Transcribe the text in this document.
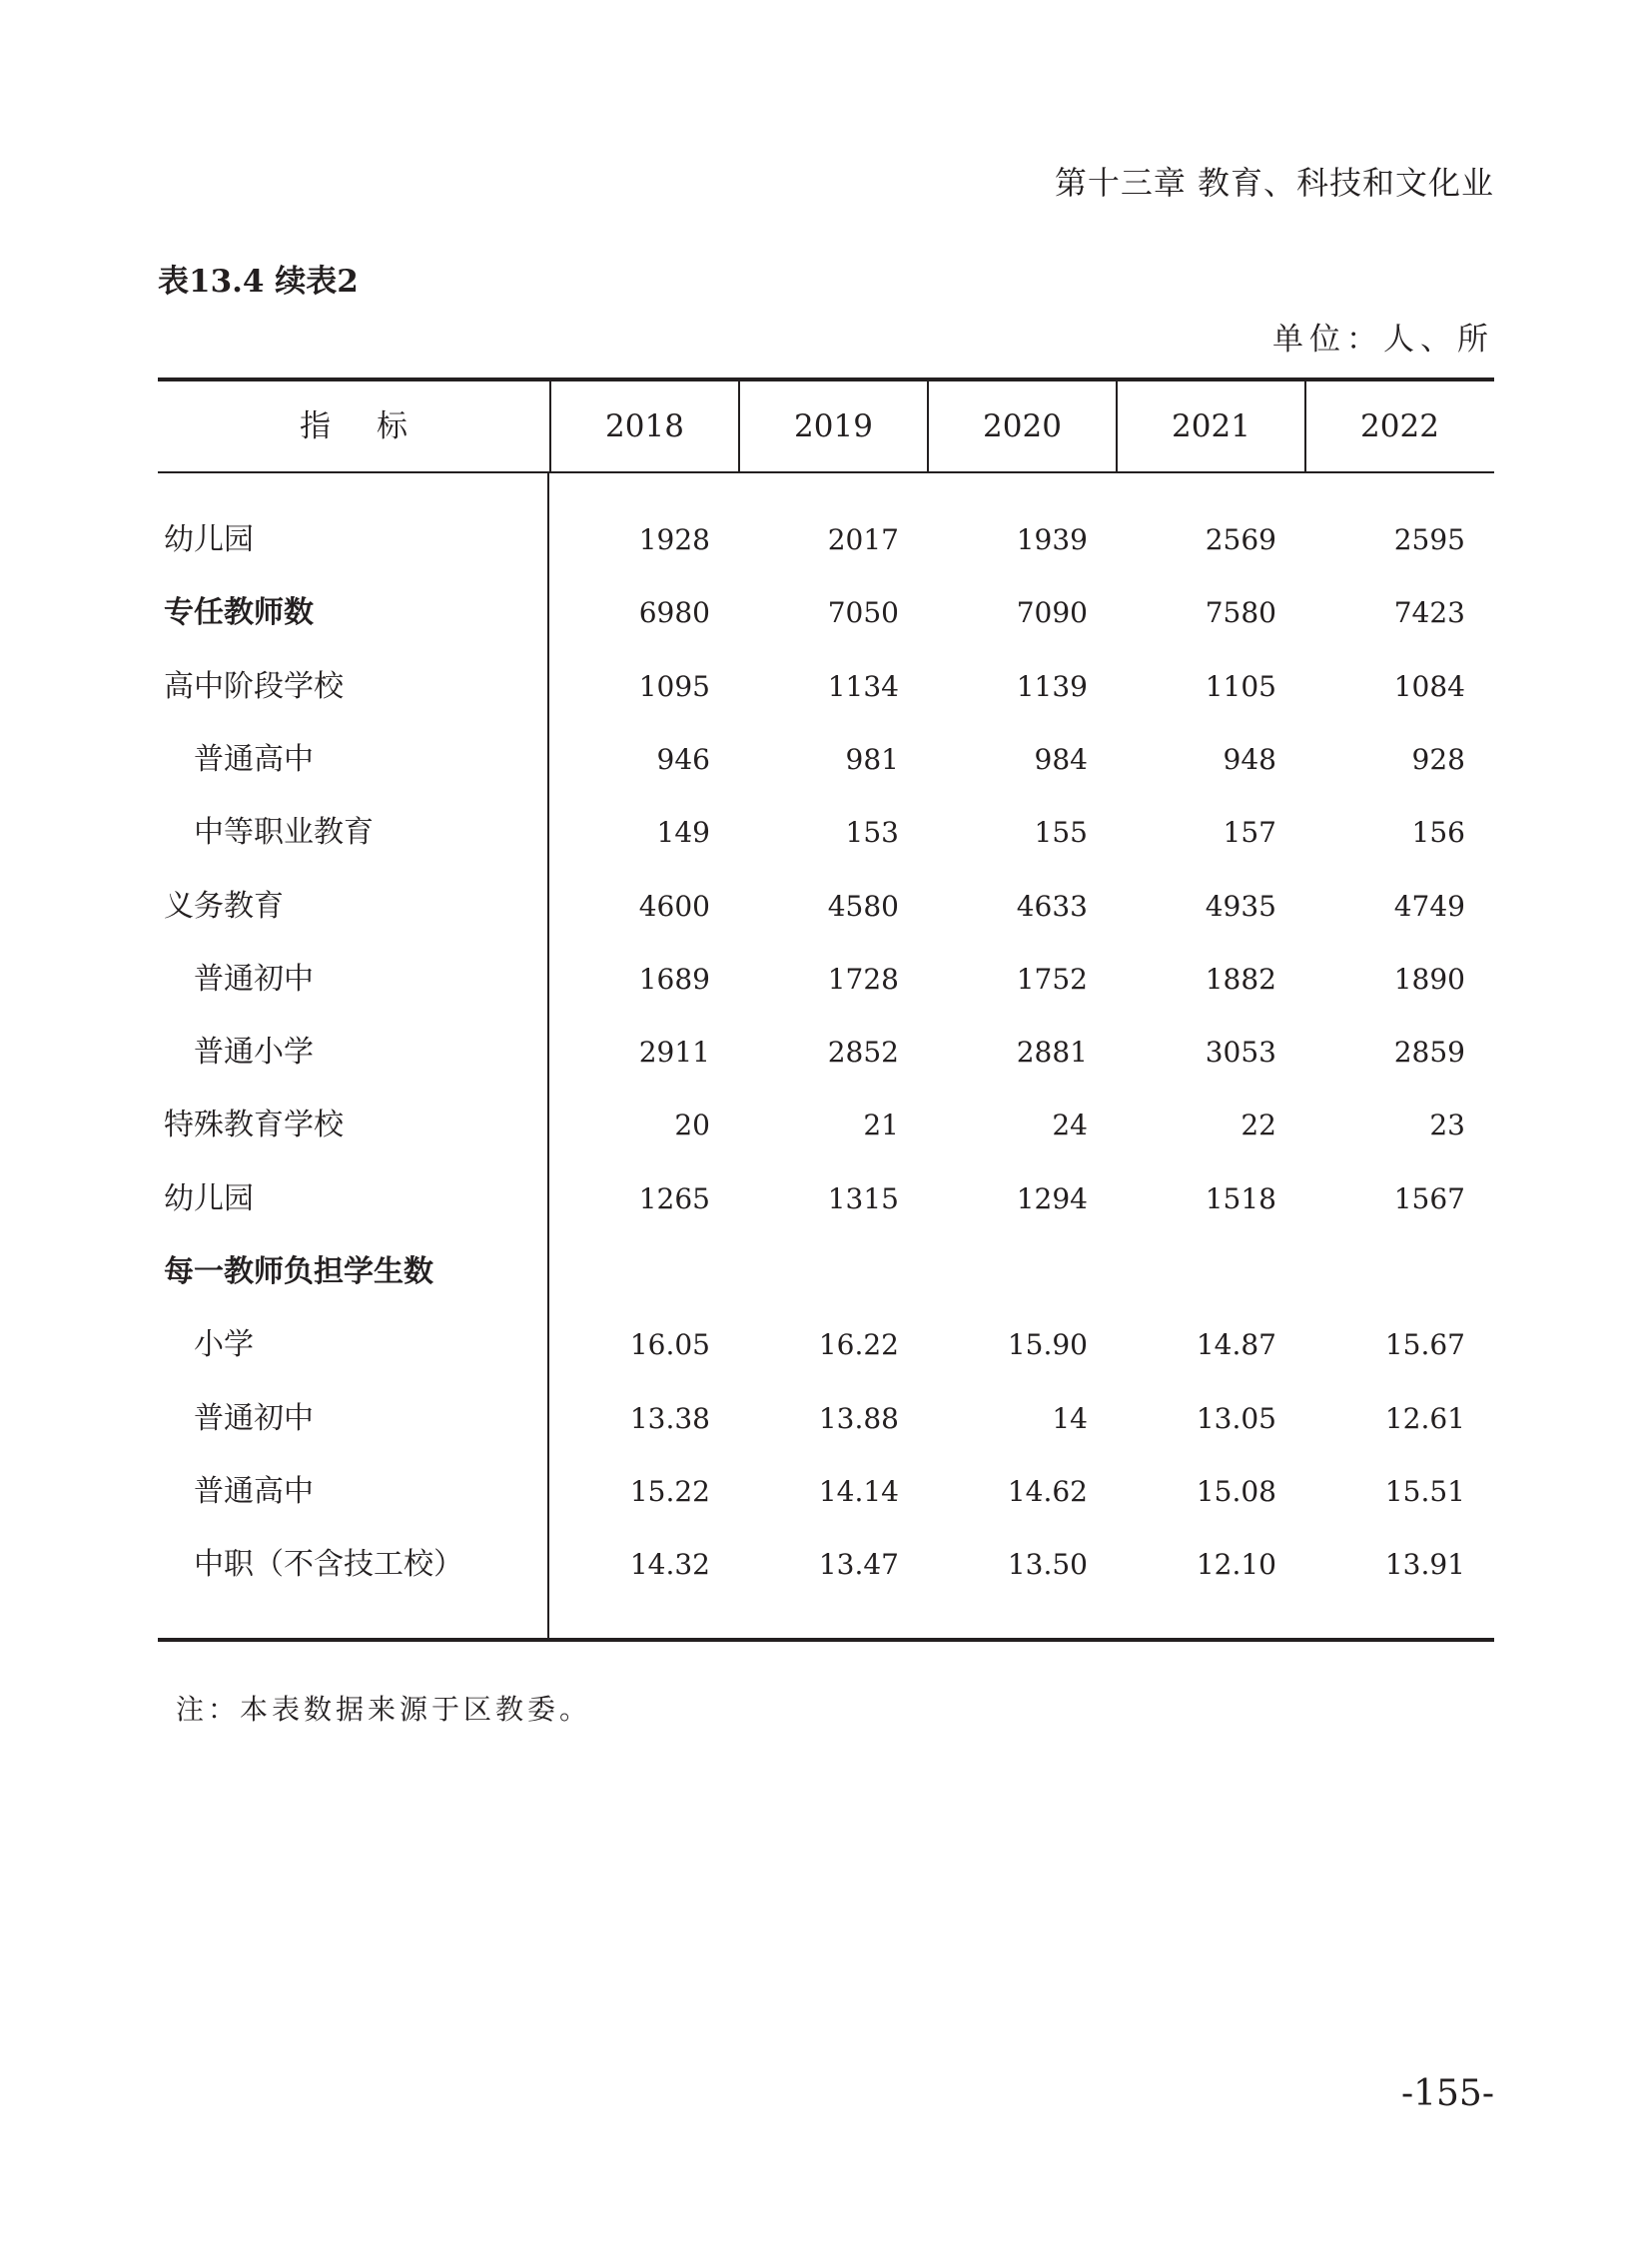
第十三章 教育、科技和文化业
表13.4 续表2
单位：人、所
指标	2018	2019	2020	2021	2022
幼儿园	1928	2017	1939	2569	2595
专任教师数	6980	7050	7090	7580	7423
高中阶段学校	1095	1134	1139	1105	1084
普通高中	946	981	984	948	928
中等职业教育	149	153	155	157	156
义务教育	4600	4580	4633	4935	4749
普通初中	1689	1728	1752	1882	1890
普通小学	2911	2852	2881	3053	2859
特殊教育学校	20	21	24	22	23
幼儿园	1265	1315	1294	1518	1567
每一教师负担学生数
小学	16.05	16.22	15.90	14.87	15.67
普通初中	13.38	13.88	14	13.05	12.61
普通高中	15.22	14.14	14.62	15.08	15.51
中职（不含技工校）	14.32	13.47	13.50	12.10	13.91
注：本表数据来源于区教委。
-155-
